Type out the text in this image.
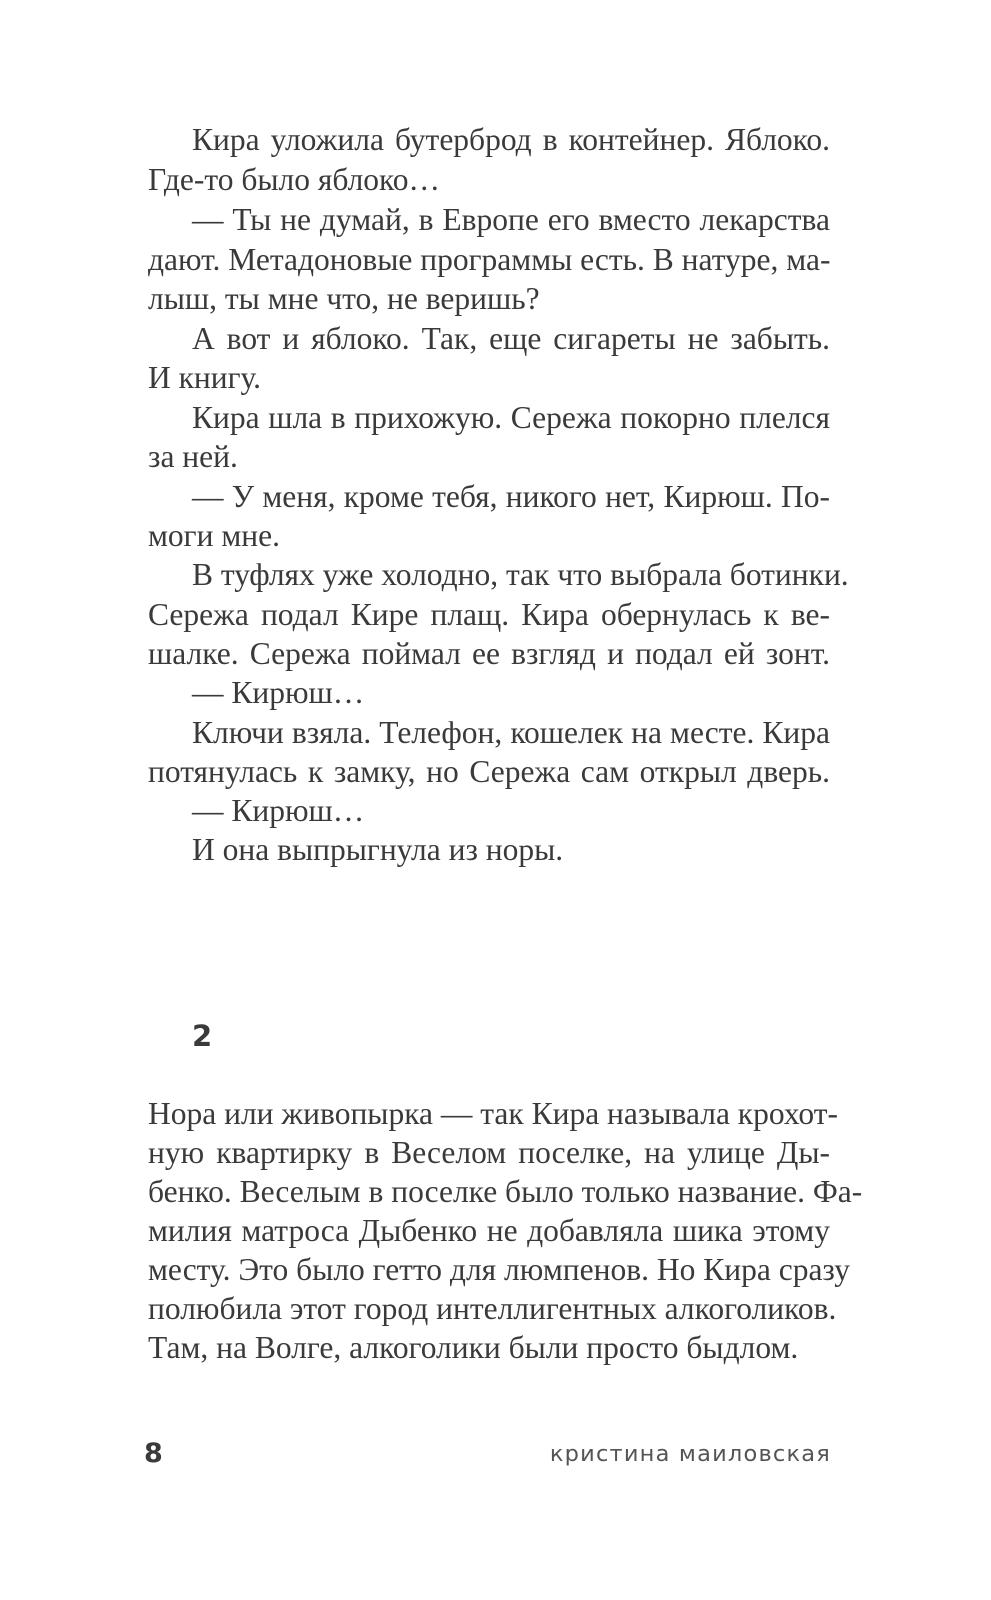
Кира уложила бутерброд в контейнер. Яблоко.
Где-то было яблоко…
— Ты не думай, в Европе его вместо лекарства
дают. Метадоновые программы есть. В натуре, ма-
лыш, ты мне что, не веришь?
А вот и яблоко. Так, еще сигареты не забыть.
И книгу.
Кира шла в прихожую. Сережа покорно плелся
за ней.
— У меня, кроме тебя, никого нет, Кирюш. По-
моги мне.
В туфлях уже холодно, так что выбрала ботинки.
Сережа подал Кире плащ. Кира обернулась к ве-
шалке. Сережа поймал ее взгляд и подал ей зонт.
— Кирюш…
Ключи взяла. Телефон, кошелек на месте. Кира
потянулась к замку, но Сережа сам открыл дверь.
— Кирюш…
И она выпрыгнула из норы.
2
Нора или живопырка — так Кира называла крохот-
ную квартирку в Веселом поселке, на улице Ды-
бенко. Веселым в поселке было только название. Фа-
милия матроса Дыбенко не добавляла шика этому
месту. Это было гетто для люмпенов. Но Кира сразу
полюбила этот город интеллигентных алкоголиков.
Там, на Волге, алкоголики были просто быдлом.
8	кристина маиловская
